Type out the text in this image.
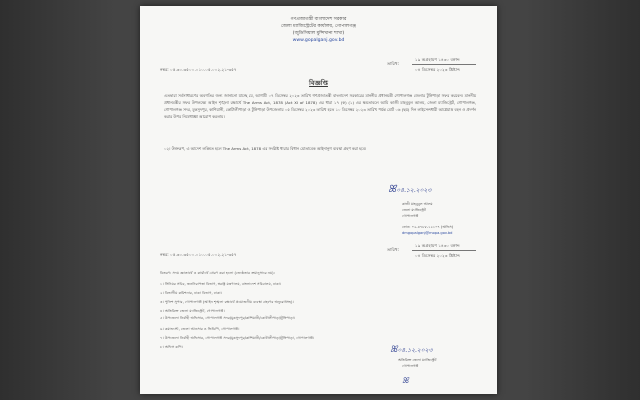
গণপ্রজাতন্ত্রী বাংলাদেশ সরকার
জেলা ম্যাজিস্ট্রেটের কার্যালয়, গোপালগঞ্জ
(জুডিসিয়াল মুন্সিখানা শাখা)
www.gopalganj.gov.bd
নম্বর: ০৫.৩০.৩৫০০.০১০.০৫.০০২.২১-৩৫৭
তারিখ:
১৯ অগ্রহায়ণ ১৪৩০ বঙ্গাব্দ
০৪ ডিসেম্বর ২০২৩ খ্রিষ্টাব্দ
বিজ্ঞপ্তি
এতদ্বারা সর্বসাধারণের অবগতির জন্য জানানো যাচ্ছে যে, আগামী ০৭ ডিসেম্বর ২০২৩ তারিখ গণপ্রজাতন্ত্রী বাংলাদেশ সরকারের মাননীয় প্রধানমন্ত্রী গোপালগঞ্জ জেলার টুঙ্গিপাড়া সফর করবেন। মাননীয় প্রধানমন্ত্রীর সফর উপলক্ষ্যে আইন শৃঙ্খলা রক্ষার্থে The Arms Act, 1878 (Act XI of 1878) এর ধারা ১৭ (ক) (১) এর ক্ষমতাবলে আমি কাজী মাহবুবুল আলম, জেলা ম্যাজিস্ট্রেট, গোপালগঞ্জ, গোপালগঞ্জ সদর, মুকসুদপুর, কাশিয়ানী, কোটালীপাড়া ও টুঙ্গিপাড়া উপজেলায় ০৫ ডিসেম্বর ২০২৩ তারিখ হতে ১০ ডিসেম্বর ২০২৩ তারিখ পর্যন্ত মোট ০৬ (ছয়) দিন লাইসেন্সধারী আগ্নেয়াস্ত্র বহন ও প্রদর্শন করার উপর নিষেধাজ্ঞা আরোপ করলাম।
০২। উক্তরূপ, এ আদেশ লঙ্ঘিত হলে The Arms Act, 1878 এর সংশ্লিষ্ট ধারার বিধান মোতাবেক আইনানুগ ব্যবস্থা গ্রহণ করা হবে।
ꕤ০৪.১২.২০২৩
কাজী মাহবুবুল আলম
জেলা ম্যাজিস্ট্রেট
গোপালগঞ্জ
ফোন: ০২-৪৭৮৮-১২১০৭ (অফিস)
dmgopalganj@mopa.gov.bd
নম্বর: ০৫.৩০.৩৫০০.০১০.০৫.০০২.২১-৩৫৭
তারিখ:
১৯ অগ্রহায়ণ ১৪৩০ বঙ্গাব্দ
০৪ ডিসেম্বর ২০২৩ খ্রিষ্টাব্দ
বিতরণ: সদয় জ্ঞাতার্থে ও কার্যার্থে প্রেরণ করা হলো (জ্যেষ্ঠতার ক্রমানুসারে নয়):
১। সিনিয়র সচিব, জননিরাপত্তা বিভাগ, স্বরাষ্ট্র মন্ত্রণালয়, বাংলাদেশ সচিবালয়, ঢাকা।
২। বিভাগীয় কমিশনার, ঢাকা বিভাগ, ঢাকা।
৩। পুলিশ সুপার, গোপালগঞ্জ (আইন শৃঙ্খলা রক্ষার্থে প্রয়োজনীয় ব্যবস্থা গ্রহণের অনুরোধসহ)।
৪। অতিরিক্ত জেলা ম্যাজিস্ট্রেট, গোপালগঞ্জ।
৫। উপজেলা নির্বাহী অফিসার, গোপালগঞ্জ সদর/মুকসুদপুর/কাশিয়ানী/কোটালীপাড়া/টুঙ্গিপাড়া।
৬। কমান্ড্যান্ট, জেলা আনসার ও ভিডিপি, গোপালগঞ্জ।
৭। উপজেলা নির্বাহী অফিসার, গোপালগঞ্জ সদর/মুকসুদপুর/কাশিয়ানী/কোটালীপাড়া/টুঙ্গিপাড়া, গোপালগঞ্জ।
৮। অফিস কপি।	ꕤ০৪.১২.২০২৩
অতিরিক্ত জেলা ম্যাজিস্ট্রেট
গোপালগঞ্জ
ꕤ
